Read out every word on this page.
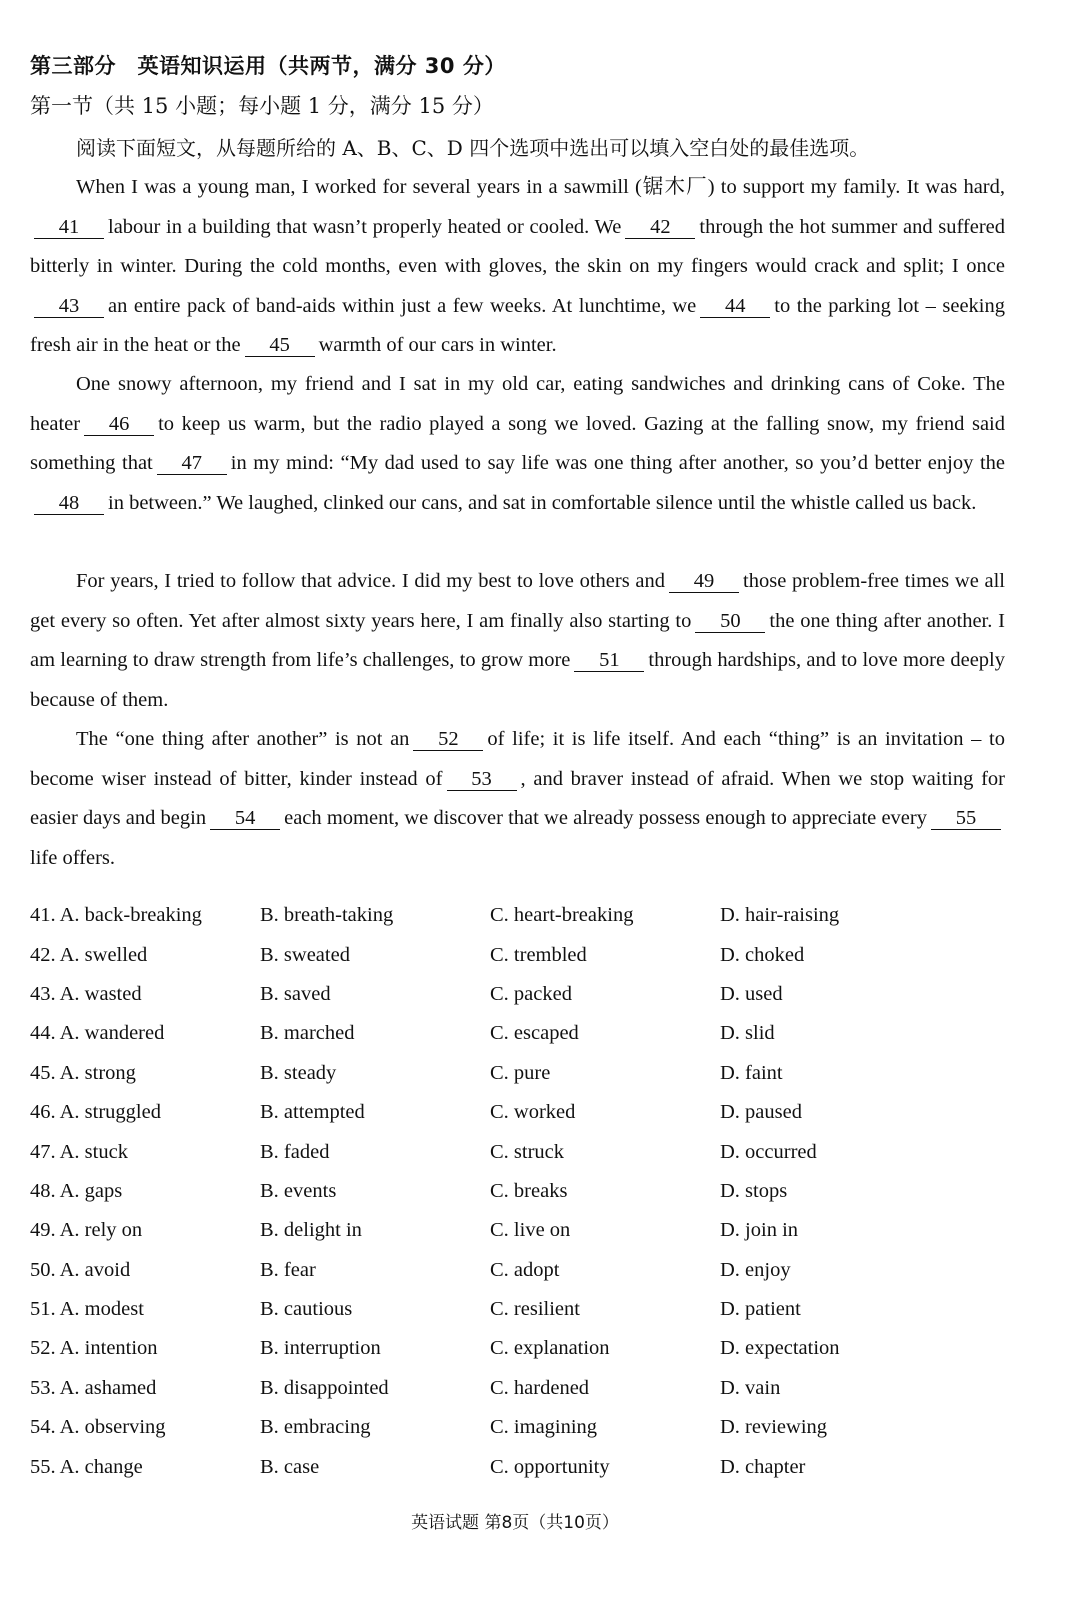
第三部分　英语知识运用（共两节，满分 30 分）
第一节（共 15 小题；每小题 1 分，满分 15 分）
阅读下面短文，从每题所给的 A、B、C、D 四个选项中选出可以填入空白处的最佳选项。
When I was a young man, I worked for several years in a sawmill (锯木厂) to support my family. It was hard,41 labour in a building that wasn’t properly heated or cooled. We 42 through the hot summer and suffered bitterly in winter. During the cold months, even with gloves, the skin on my fingers would crack and split; I once43 an entire pack of band-aids within just a few weeks. At lunchtime, we 44 to the parking lot – seeking fresh air in the heat or the 45 warmth of our cars in winter.
One snowy afternoon, my friend and I sat in my old car, eating sandwiches and drinking cans of Coke. The heater 46 to keep us warm, but the radio played a song we loved. Gazing at the falling snow, my friend said something that 47 in my mind: “My dad used to say life was one thing after another, so you’d better enjoy the48 in between.” We laughed, clinked our cans, and sat in comfortable silence until the whistle called us back.
For years, I tried to follow that advice. I did my best to love others and 49 those problem-free times we all get every so often. Yet after almost sixty years here, I am finally also starting to 50 the one thing after another. I am learning to draw strength from life’s challenges, to grow more 51 through hardships, and to love more deeply because of them.
The “one thing after another” is not an 52 of life; it is life itself. And each “thing” is an invitation – to become wiser instead of bitter, kinder instead of 53 , and braver instead of afraid. When we stop waiting for easier days and begin 54 each moment, we discover that we already possess enough to appreciate every 55life offers.
41. A. back-breaking	B. breath-taking	C. heart-breaking	D. hair-raising
42. A. swelled	B. sweated	C. trembled	D. choked
43. A. wasted	B. saved	C. packed	D. used
44. A. wandered	B. marched	C. escaped	D. slid
45. A. strong	B. steady	C. pure	D. faint
46. A. struggled	B. attempted	C. worked	D. paused
47. A. stuck	B. faded	C. struck	D. occurred
48. A. gaps	B. events	C. breaks	D. stops
49. A. rely on	B. delight in	C. live on	D. join in
50. A. avoid	B. fear	C. adopt	D. enjoy
51. A. modest	B. cautious	C. resilient	D. patient
52. A. intention	B. interruption	C. explanation	D. expectation
53. A. ashamed	B. disappointed	C. hardened	D. vain
54. A. observing	B. embracing	C. imagining	D. reviewing
55. A. change	B. case	C. opportunity	D. chapter
英语试题 第8页（共10页）
